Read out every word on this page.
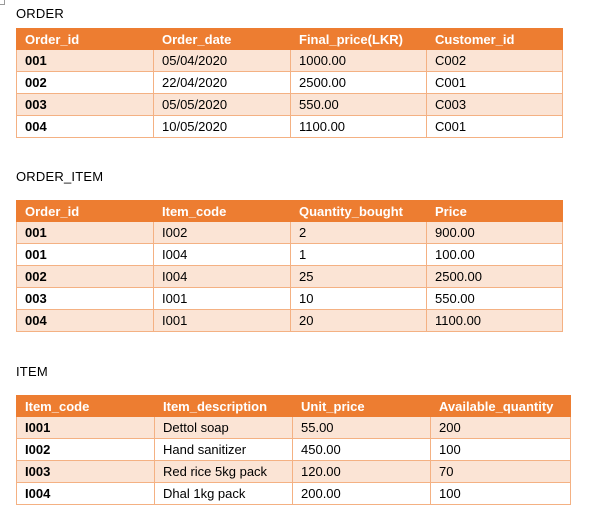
ORDER
Order_id	Order_date	Final_price(LKR)	Customer_id
001	05/04/2020	1000.00	C002
002	22/04/2020	2500.00	C001
003	05/05/2020	550.00	C003
004	10/05/2020	1100.00	C001
ORDER_ITEM
Order_id	Item_code	Quantity_bought	Price
001	I002	2	900.00
001	I004	1	100.00
002	I004	25	2500.00
003	I001	10	550.00
004	I001	20	1100.00
ITEM
Item_code	Item_description	Unit_price	Available_quantity
I001	Dettol soap	55.00	200
I002	Hand sanitizer	450.00	100
I003	Red rice 5kg pack	120.00	70
I004	Dhal 1kg pack	200.00	100
